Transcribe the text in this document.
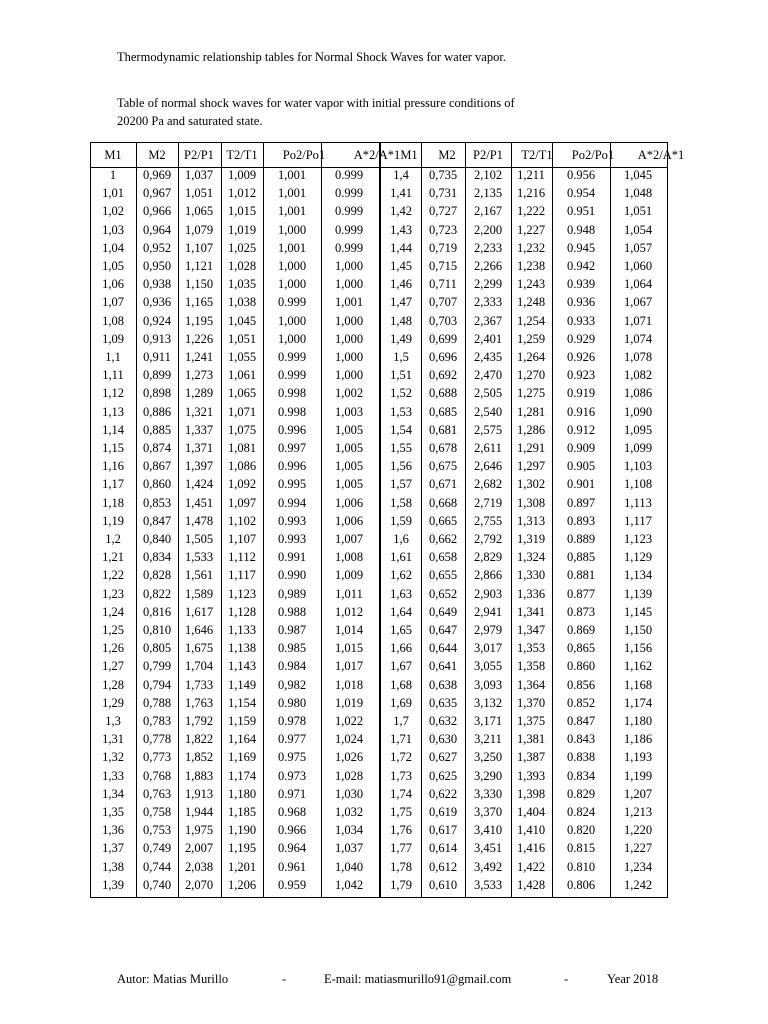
Thermodynamic relationship tables for Normal Shock Waves for water vapor.
Table of normal shock waves for water vapor with initial pressure conditions of
20200 Pa and saturated state.
M1 M2 P2/P1 T2/T1 Po2/Po1 A*2/A*1 M1 M2 P2/P1 T2/T1 Po2/Po1 A*2/A*1
1 0,969 1,037 1,009 1,001 0.999 1,4 0,735 2,102 1,211 0.956 1,045
1,01 0,967 1,051 1,012 1,001 0.999 1,41 0,731 2,135 1,216 0.954 1,048
1,02 0,966 1,065 1,015 1,001 0.999 1,42 0,727 2,167 1,222 0.951 1,051
1,03 0,964 1,079 1,019 1,000 0.999 1,43 0,723 2,200 1,227 0.948 1,054
1,04 0,952 1,107 1,025 1,001 0.999 1,44 0,719 2,233 1,232 0.945 1,057
1,05 0,950 1,121 1,028 1,000 1,000 1,45 0,715 2,266 1,238 0.942 1,060
1,06 0,938 1,150 1,035 1,000 1,000 1,46 0,711 2,299 1,243 0.939 1,064
1,07 0,936 1,165 1,038 0.999 1,001 1,47 0,707 2,333 1,248 0.936 1,067
1,08 0,924 1,195 1,045 1,000 1,000 1,48 0,703 2,367 1,254 0.933 1,071
1,09 0,913 1,226 1,051 1,000 1,000 1,49 0,699 2,401 1,259 0.929 1,074
1,1 0,911 1,241 1,055 0.999 1,000 1,5 0,696 2,435 1,264 0.926 1,078
1,11 0,899 1,273 1,061 0.999 1,000 1,51 0,692 2,470 1,270 0.923 1,082
1,12 0,898 1,289 1,065 0.998 1,002 1,52 0,688 2,505 1,275 0.919 1,086
1,13 0,886 1,321 1,071 0.998 1,003 1,53 0,685 2,540 1,281 0.916 1,090
1,14 0,885 1,337 1,075 0.996 1,005 1,54 0,681 2,575 1,286 0.912 1,095
1,15 0,874 1,371 1,081 0.997 1,005 1,55 0,678 2,611 1,291 0.909 1,099
1,16 0,867 1,397 1,086 0.996 1,005 1,56 0,675 2,646 1,297 0.905 1,103
1,17 0,860 1,424 1,092 0.995 1,005 1,57 0,671 2,682 1,302 0.901 1,108
1,18 0,853 1,451 1,097 0.994 1,006 1,58 0,668 2,719 1,308 0.897 1,113
1,19 0,847 1,478 1,102 0.993 1,006 1,59 0,665 2,755 1,313 0.893 1,117
1,2 0,840 1,505 1,107 0.993 1,007 1,6 0,662 2,792 1,319 0.889 1,123
1,21 0,834 1,533 1,112 0.991 1,008 1,61 0,658 2,829 1,324 0,885 1,129
1,22 0,828 1,561 1,117 0.990 1,009 1,62 0,655 2,866 1,330 0.881 1,134
1,23 0,822 1,589 1,123 0,989 1,011 1,63 0,652 2,903 1,336 0.877 1,139
1,24 0,816 1,617 1,128 0.988 1,012 1,64 0,649 2,941 1,341 0.873 1,145
1,25 0,810 1,646 1,133 0.987 1,014 1,65 0,647 2,979 1,347 0.869 1,150
1,26 0,805 1,675 1,138 0.985 1,015 1,66 0,644 3,017 1,353 0,865 1,156
1,27 0,799 1,704 1,143 0.984 1,017 1,67 0,641 3,055 1,358 0.860 1,162
1,28 0,794 1,733 1,149 0,982 1,018 1,68 0,638 3,093 1,364 0.856 1,168
1,29 0,788 1,763 1,154 0.980 1,019 1,69 0,635 3,132 1,370 0.852 1,174
1,3 0,783 1,792 1,159 0.978 1,022 1,7 0,632 3,171 1,375 0.847 1,180
1,31 0,778 1,822 1,164 0.977 1,024 1,71 0,630 3,211 1,381 0.843 1,186
1,32 0,773 1,852 1,169 0.975 1,026 1,72 0,627 3,250 1,387 0.838 1,193
1,33 0,768 1,883 1,174 0.973 1,028 1,73 0,625 3,290 1,393 0.834 1,199
1,34 0,763 1,913 1,180 0.971 1,030 1,74 0,622 3,330 1,398 0.829 1,207
1,35 0,758 1,944 1,185 0.968 1,032 1,75 0,619 3,370 1,404 0.824 1,213
1,36 0,753 1,975 1,190 0.966 1,034 1,76 0,617 3,410 1,410 0.820 1,220
1,37 0,749 2,007 1,195 0.964 1,037 1,77 0,614 3,451 1,416 0.815 1,227
1,38 0,744 2,038 1,201 0.961 1,040 1,78 0,612 3,492 1,422 0.810 1,234
1,39 0,740 2,070 1,206 0.959 1,042 1,79 0,610 3,533 1,428 0.806 1,242
Autor: Matias Murillo	-	E-mail: matiasmurillo91@gmail.com	-	Year 2018
